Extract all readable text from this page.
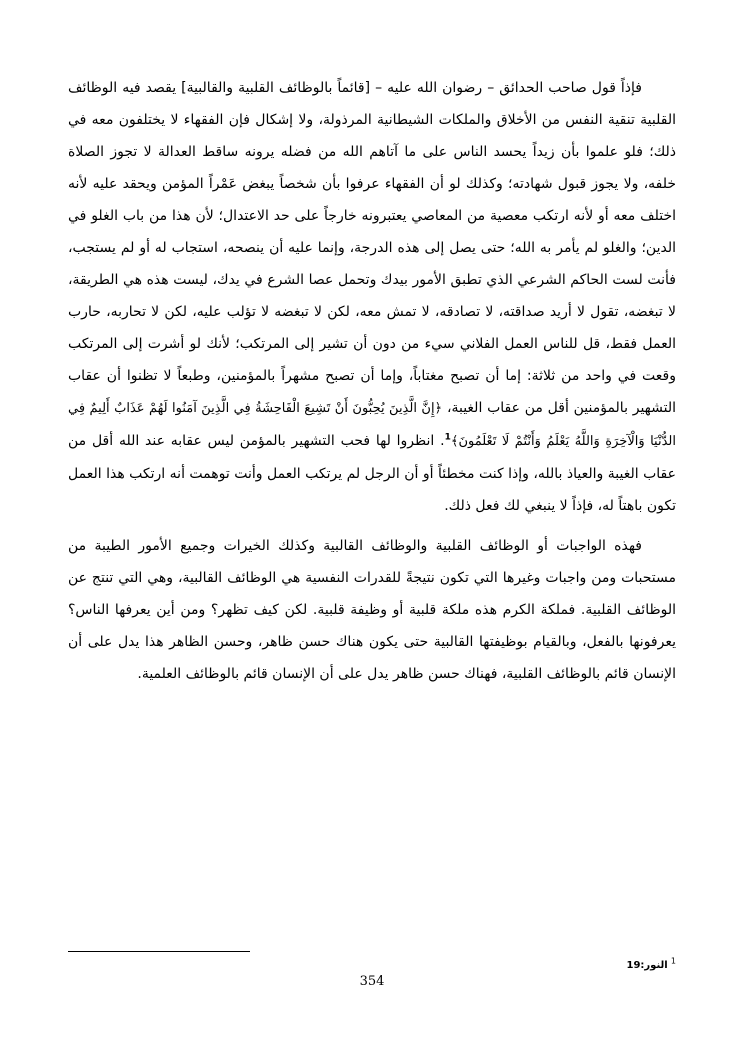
فإذاً قول صاحب الحدائق – رضوان الله عليه – [قائماً بالوظائف القلبية والقالبية] يقصد فيه الوظائف القلبية تنقية النفس من الأخلاق والملكات الشيطانية المرذولة، ولا إشكال فإن الفقهاء لا يختلفون معه في ذلك؛ فلو علموا بأن زيداً يحسد الناس على ما آتاهم الله من فضله يرونه ساقط العدالة لا تجوز الصلاة خلفه، ولا يجوز قبول شهادته؛ وكذلك لو أن الفقهاء عرفوا بأن شخصاً يبغض عَمْراً المؤمن ويحقد عليه لأنه اختلف معه أو لأنه ارتكب معصية من المعاصي يعتبرونه خارجاً على حد الاعتدال؛ لأن هذا من باب الغلو في الدين؛ والغلو لم يأمر به الله؛ حتى يصل إلى هذه الدرجة، وإنما عليه أن ينصحه، استجاب له أو لم يستجب، فأنت لست الحاكم الشرعي الذي تطبق الأمور بيدك وتحمل عصا الشرع في يدك، ليست هذه هي الطريقة، لا تبغضه، تقول لا أريد صداقته، لا تصادقه، لا تمش معه، لكن لا تبغضه لا تؤلب عليه، لكن لا تحاربه، حارب العمل فقط، قل للناس العمل الفلاني سيء من دون أن تشير إلى المرتكب؛ لأنك لو أشرت إلى المرتكب وقعت في واحد من ثلاثة: إما أن تصبح مغتاباً، وإما أن تصبح مشهراً بالمؤمنين، وطبعاً لا تظنوا أن عقاب التشهير بالمؤمنين أقل من عقاب الغيبة، ﴿إِنَّ الَّذِينَ يُحِبُّونَ أَنْ تَشِيعَ الْفَاحِشَةُ فِي الَّذِينَ آمَنُوا لَهُمْ عَذَابٌ أَلِيمٌ فِي الدُّنْيَا وَالْآخِرَةِ وَاللَّهُ يَعْلَمُ وَأَنْتُمْ لَا تَعْلَمُونَ﴾$^1$. انظروا لها فحب التشهير بالمؤمن ليس عقابه عند الله أقل من عقاب الغيبة والعياذ بالله، وإذا كنت مخطئاً أو أن الرجل لم يرتكب العمل وأنت توهمت أنه ارتكب هذا العمل تكون باهتاً له، فإذاً لا ينبغي لك فعل ذلك.

فهذه الواجبات أو الوظائف القلبية والوظائف القالبية وكذلك الخيرات وجميع الأمور الطيبة من مستحبات ومن واجبات وغيرها التي تكون نتيجةً للقدرات النفسية هي الوظائف القالبية، وهي التي تنتج عن الوظائف القلبية. فملكة الكرم هذه ملكة قلبية أو وظيفة قلبية. لكن كيف تظهر؟ ومن أين يعرفها الناس؟ يعرفونها بالفعل، وبالقيام بوظيفتها القالبية حتى يكون هناك حسن ظاهر، وحسن الظاهر هذا يدل على أن الإنسان قائم بالوظائف القلبية، فهناك حسن ظاهر يدل على أن الإنسان قائم بالوظائف العلمية.

$^1$ النور:19
354
